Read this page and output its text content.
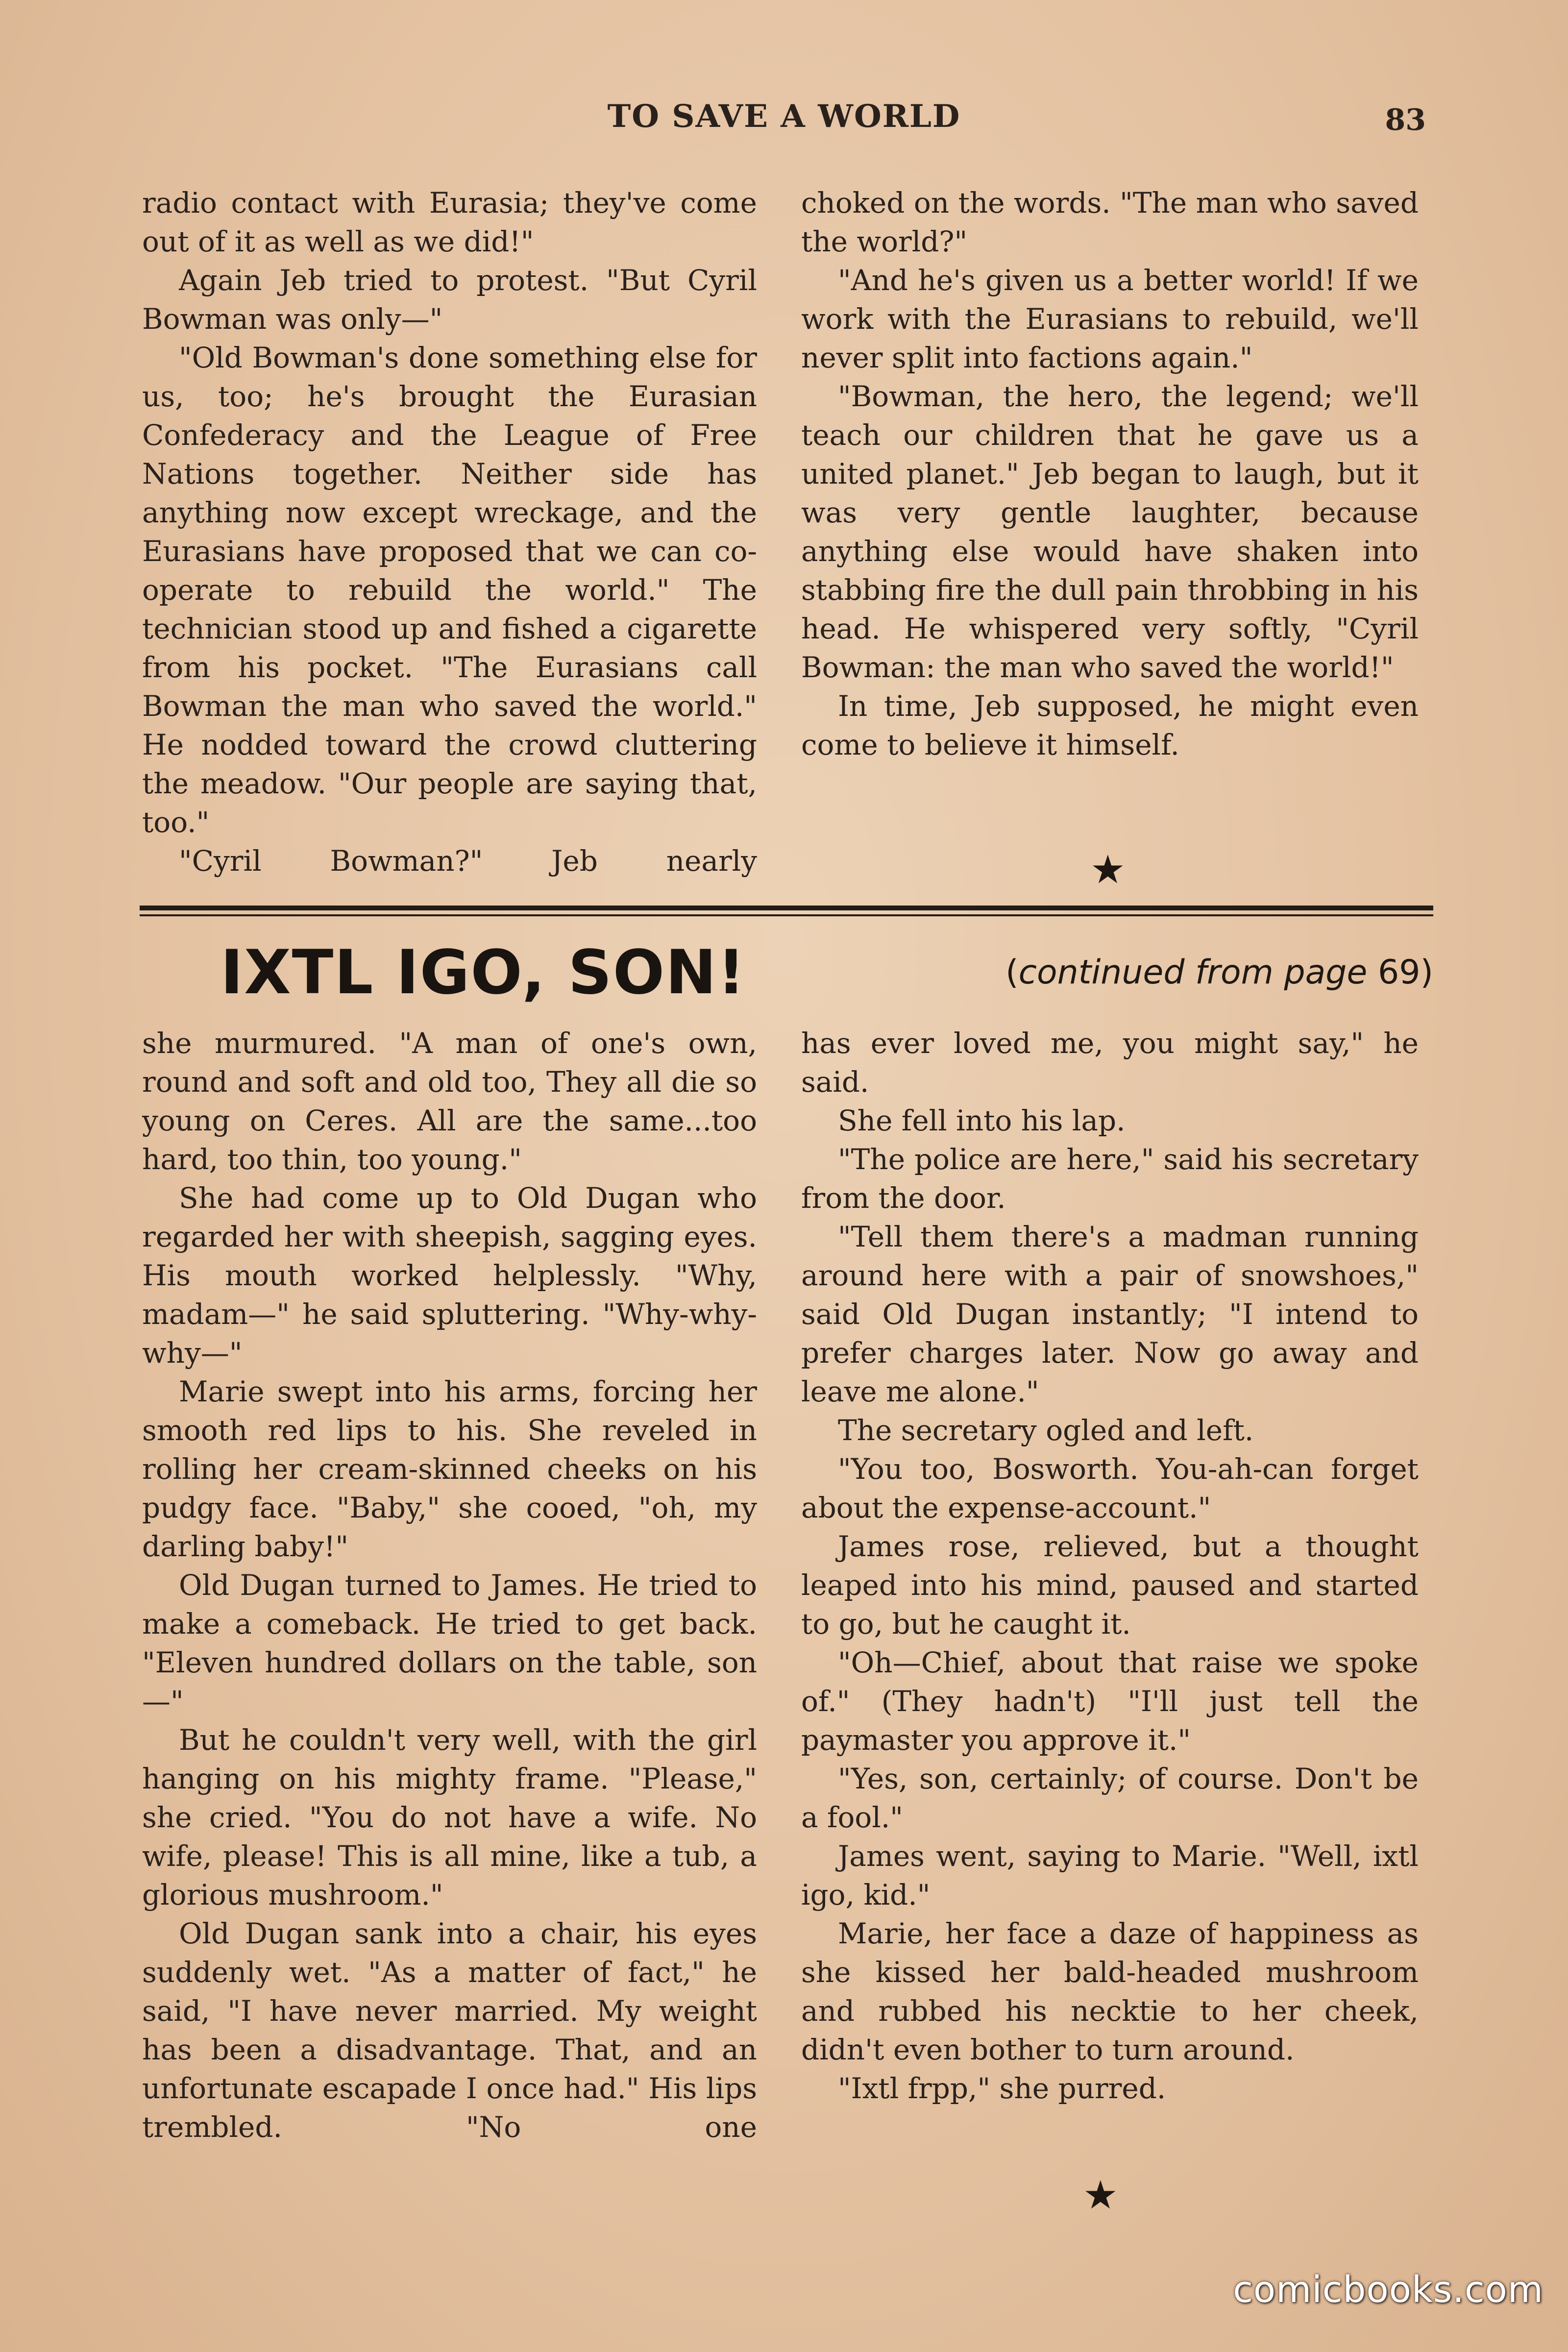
TO SAVE A WORLD	83

radio contact with Eurasia; they've come out of it as well as we did!"

Again Jeb tried to protest. "But Cyril Bowman was only—"

"Old Bowman's done something else for us, too; he's brought the Eurasian Confederacy and the League of Free Nations together. Neither side has anything now except wreckage, and the Eurasians have proposed that we can co-operate to rebuild the world." The technician stood up and fished a cigarette from his pocket. "The Eurasians call Bowman the man who saved the world." He nodded toward the crowd cluttering the meadow. "Our people are saying that, too."

"Cyril Bowman?" Jeb nearly

choked on the words. "The man who saved the world?"

"And he's given us a better world! If we work with the Eurasians to rebuild, we'll never split into factions again."

"Bowman, the hero, the legend; we'll teach our children that he gave us a united planet." Jeb began to laugh, but it was very gentle laughter, because anything else would have shaken into stabbing fire the dull pain throbbing in his head. He whispered very softly, "Cyril Bowman: the man who saved the world!"

In time, Jeb supposed, he might even come to believe it himself.

★
IXTL IGO, SON!	(continued from page 69)

she murmured. "A man of one's own, round and soft and old too, They all die so young on Ceres. All are the same...too hard, too thin, too young."

She had come up to Old Dugan who regarded her with sheepish, sagging eyes. His mouth worked helplessly. "Why, madam—" he said spluttering. "Why-why-why—"

Marie swept into his arms, forcing her smooth red lips to his. She reveled in rolling her cream-skinned cheeks on his pudgy face. "Baby," she cooed, "oh, my darling baby!"

Old Dugan turned to James. He tried to make a comeback. He tried to get back. "Eleven hundred dollars on the table, son—"

But he couldn't very well, with the girl hanging on his mighty frame. "Please," she cried. "You do not have a wife. No wife, please! This is all mine, like a tub, a glorious mushroom."

Old Dugan sank into a chair, his eyes suddenly wet. "As a matter of fact," he said, "I have never married. My weight has been a disadvantage. That, and an unfortunate escapade I once had." His lips trembled. "No one

has ever loved me, you might say," he said.

She fell into his lap.

"The police are here," said his secretary from the door.

"Tell them there's a madman running around here with a pair of snowshoes," said Old Dugan instantly; "I intend to prefer charges later. Now go away and leave me alone."

The secretary ogled and left.

"You too, Bosworth. You-ah-can forget about the expense-account."

James rose, relieved, but a thought leaped into his mind, paused and started to go, but he caught it.

"Oh—Chief, about that raise we spoke of." (They hadn't) "I'll just tell the paymaster you approve it."

"Yes, son, certainly; of course. Don't be a fool."

James went, saying to Marie. "Well, ixtl igo, kid."

Marie, her face a daze of happiness as she kissed her bald-headed mushroom and rubbed his necktie to her cheek, didn't even bother to turn around.

"Ixtl frpp," she purred.

★
comicbooks.com
